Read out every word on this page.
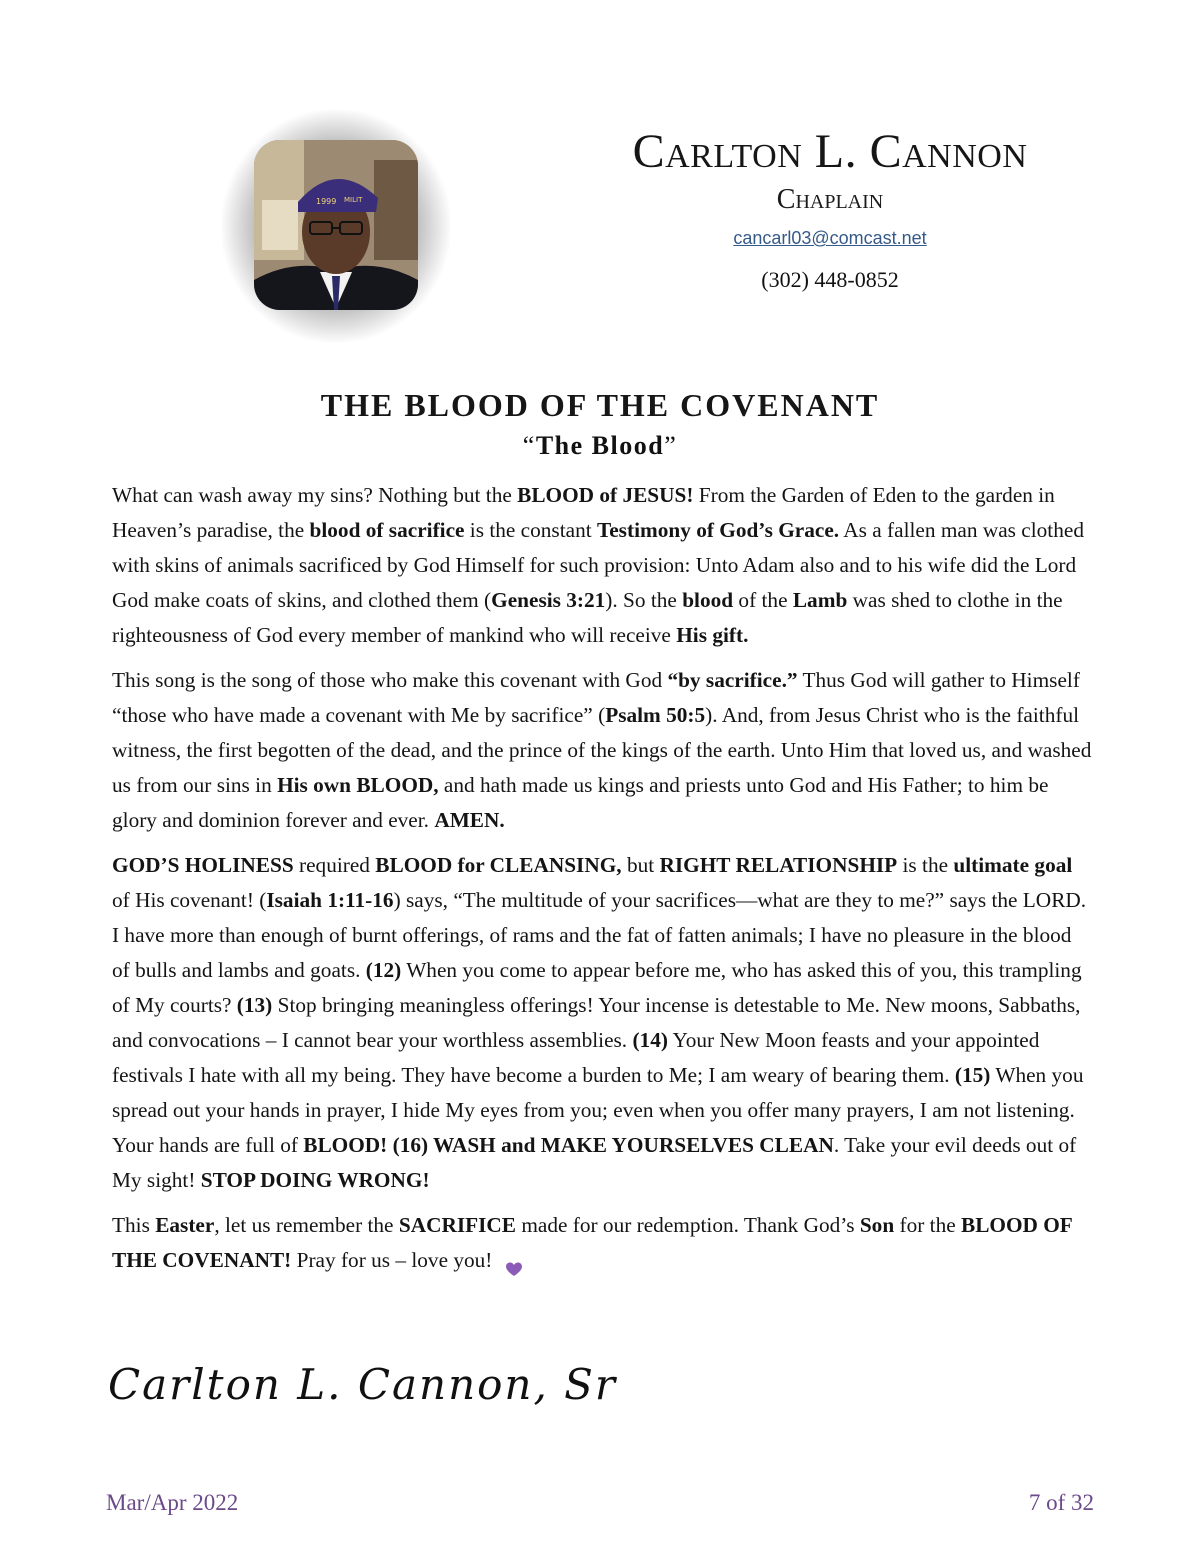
1999 MILIT
Carlton L. Cannon
Chaplain
cancarl03@comcast.net
(302) 448-0852
THE BLOOD OF THE COVENANT
“The Blood”

What can wash away my sins? Nothing but the BLOOD of JESUS! From the Garden of Eden to the garden in Heaven’s paradise, the blood of sacrifice is the constant Testimony of God’s Grace. As a fallen man was clothed with skins of animals sacrificed by God Himself for such provision: Unto Adam also and to his wife did the Lord God make coats of skins, and clothed them (Genesis 3:21). So the blood of the Lamb was shed to clothe in the righteousness of God every member of mankind who will receive His gift.

This song is the song of those who make this covenant with God “by sacrifice.” Thus God will gather to Himself “those who have made a covenant with Me by sacrifice” (Psalm 50:5). And, from Jesus Christ who is the faithful witness, the first begotten of the dead, and the prince of the kings of the earth. Unto Him that loved us, and washed us from our sins in His own BLOOD, and hath made us kings and priests unto God and His Father; to him be glory and dominion forever and ever. AMEN.

GOD’S HOLINESS required BLOOD for CLEANSING, but RIGHT RELATIONSHIP is the ultimate goal of His covenant! (Isaiah 1:11-16) says, “The multitude of your sacrifices—what are they to me?” says the LORD. I have more than enough of burnt offerings, of rams and the fat of fatten animals; I have no pleasure in the blood of bulls and lambs and goats. (12) When you come to appear before me, who has asked this of you, this trampling of My courts? (13) Stop bringing meaningless offerings! Your incense is detestable to Me. New moons, Sabbaths, and convocations – I cannot bear your worthless assemblies. (14) Your New Moon feasts and your appointed festivals I hate with all my being. They have become a burden to Me; I am weary of bearing them. (15) When you spread out your hands in prayer, I hide My eyes from you; even when you offer many prayers, I am not listening. Your hands are full of BLOOD! (16) WASH and MAKE YOURSELVES CLEAN. Take your evil deeds out of My sight! STOP DOING WRONG!

This Easter, let us remember the SACRIFICE made for our redemption. Thank God’s Son for the BLOOD OF THE COVENANT! Pray for us – love you!

Carlton L. Cannon, Sr
Mar/Apr 2022	7 of 32
